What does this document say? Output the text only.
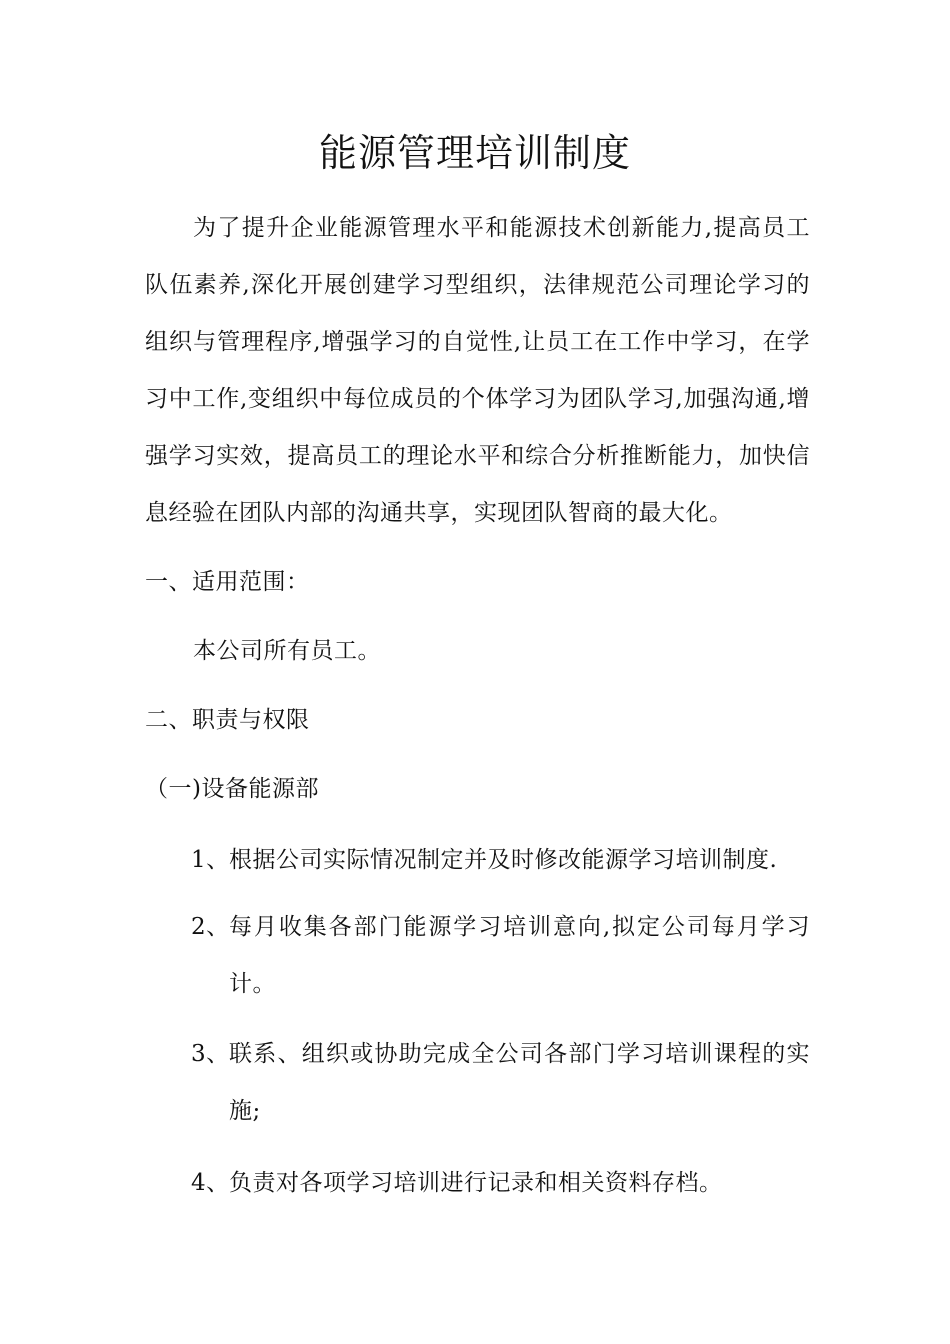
能源管理培训制度

为了提升企业能源管理水平和能源技术创新能力,提高员工队伍素养,深化开展创建学习型组织，法律规范公司理论学习的组织与管理程序,增强学习的自觉性,让员工在工作中学习，在学习中工作,变组织中每位成员的个体学习为团队学习,加强沟通,增强学习实效，提高员工的理论水平和综合分析推断能力，加快信息经验在团队内部的沟通共享，实现团队智商的最大化。

一、适用范围：

本公司所有员工。

二、职责与权限

（一)设备能源部

1、 根据公司实际情况制定并及时修改能源学习培训制度.
2、 每月收集各部门能源学习培训意向,拟定公司每月学习计。
3、 联系、组织或协助完成全公司各部门学习培训课程的实施;
4、 负责对各项学习培训进行记录和相关资料存档。
